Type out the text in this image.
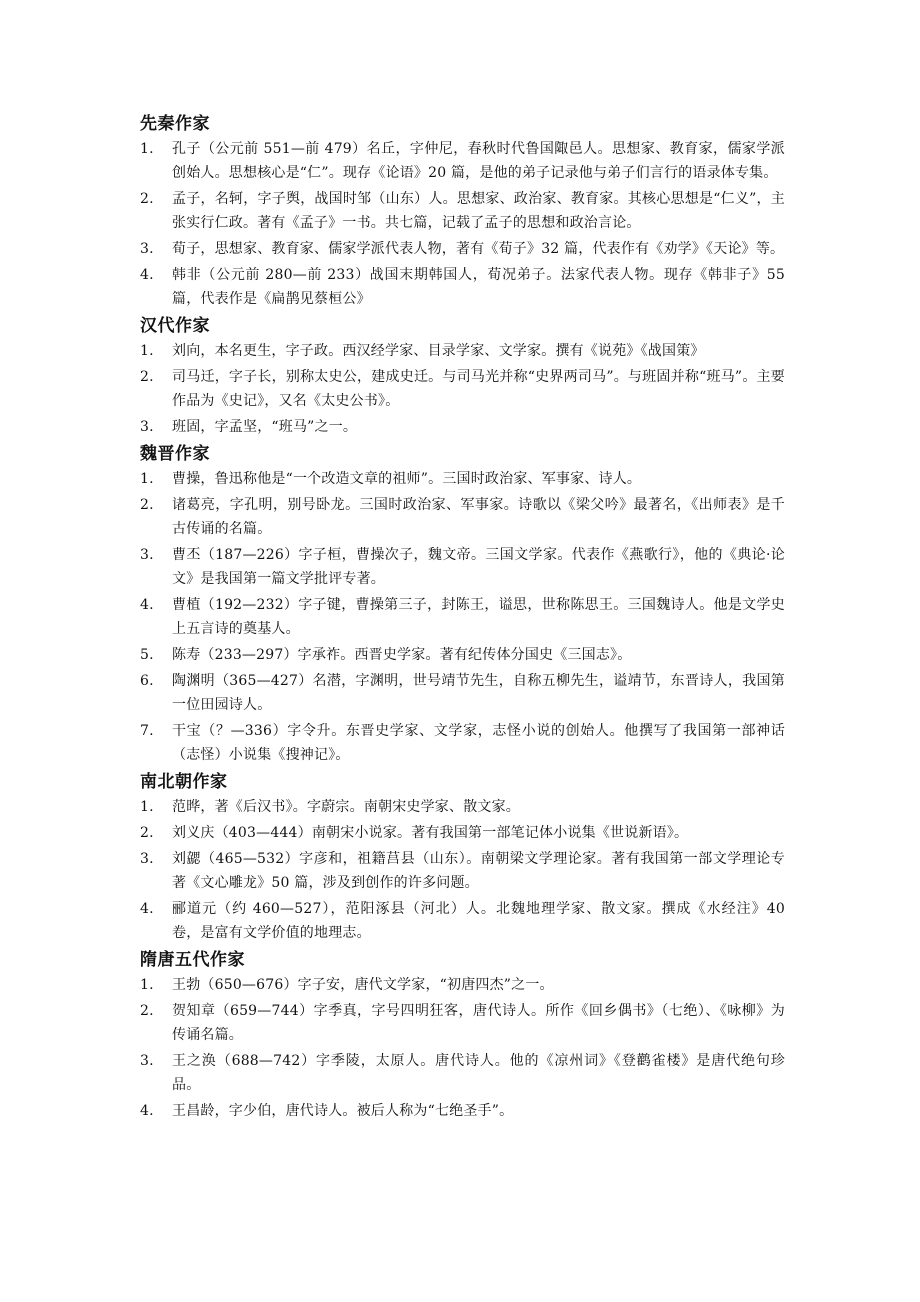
先秦作家
1. 孔子（公元前 551—前 479）名丘，字仲尼，春秋时代鲁国陬邑人。思想家、教育家，儒家学派创始人。思想核心是“仁”。现存《论语》20 篇，是他的弟子记录他与弟子们言行的语录体专集。
2. 孟子，名轲，字子舆，战国时邹（山东）人。思想家、政治家、教育家。其核心思想是“仁义”，主张实行仁政。著有《孟子》一书。共七篇，记载了孟子的思想和政治言论。
3. 荀子，思想家、教育家、儒家学派代表人物，著有《荀子》32 篇，代表作有《劝学》《天论》等。
4. 韩非（公元前 280—前 233）战国末期韩国人，荀况弟子。法家代表人物。现存《韩非子》55 篇，代表作是《扁鹊见蔡桓公》
汉代作家
1. 刘向，本名更生，字子政。西汉经学家、目录学家、文学家。撰有《说苑》《战国策》
2. 司马迁，字子长，别称太史公，建成史迁。与司马光并称“史界两司马”。与班固并称“班马”。主要作品为《史记》，又名《太史公书》。
3. 班固，字孟坚，“班马”之一。
魏晋作家
1. 曹操，鲁迅称他是“一个改造文章的祖师”。三国时政治家、军事家、诗人。
2. 诸葛亮，字孔明，别号卧龙。三国时政治家、军事家。诗歌以《梁父吟》最著名，《出师表》是千古传诵的名篇。
3. 曹丕（187—226）字子桓，曹操次子，魏文帝。三国文学家。代表作《燕歌行》，他的《典论·论文》是我国第一篇文学批评专著。
4. 曹植（192—232）字子键，曹操第三子，封陈王，谥思，世称陈思王。三国魏诗人。他是文学史上五言诗的奠基人。
5. 陈寿（233—297）字承祚。西晋史学家。著有纪传体分国史《三国志》。
6. 陶渊明（365—427）名潜，字渊明，世号靖节先生，自称五柳先生，谥靖节，东晋诗人，我国第一位田园诗人。
7. 干宝（？—336）字令升。东晋史学家、文学家，志怪小说的创始人。他撰写了我国第一部神话（志怪）小说集《搜神记》。
南北朝作家
1. 范晔，著《后汉书》。字蔚宗。南朝宋史学家、散文家。
2. 刘义庆（403—444）南朝宋小说家。著有我国第一部笔记体小说集《世说新语》。
3. 刘勰（465—532）字彦和，祖籍莒县（山东）。南朝梁文学理论家。著有我国第一部文学理论专著《文心雕龙》50 篇，涉及到创作的许多问题。
4. 郦道元（约 460—527），范阳涿县（河北）人。北魏地理学家、散文家。撰成《水经注》40 卷，是富有文学价值的地理志。
隋唐五代作家
1. 王勃（650—676）字子安，唐代文学家，“初唐四杰”之一。
2. 贺知章（659—744）字季真，字号四明狂客，唐代诗人。所作《回乡偶书》（七绝）、《咏柳》为传诵名篇。
3. 王之涣（688—742）字季陵，太原人。唐代诗人。他的《凉州词》《登鹳雀楼》是唐代绝句珍品。
4. 王昌龄，字少伯，唐代诗人。被后人称为“七绝圣手”。
